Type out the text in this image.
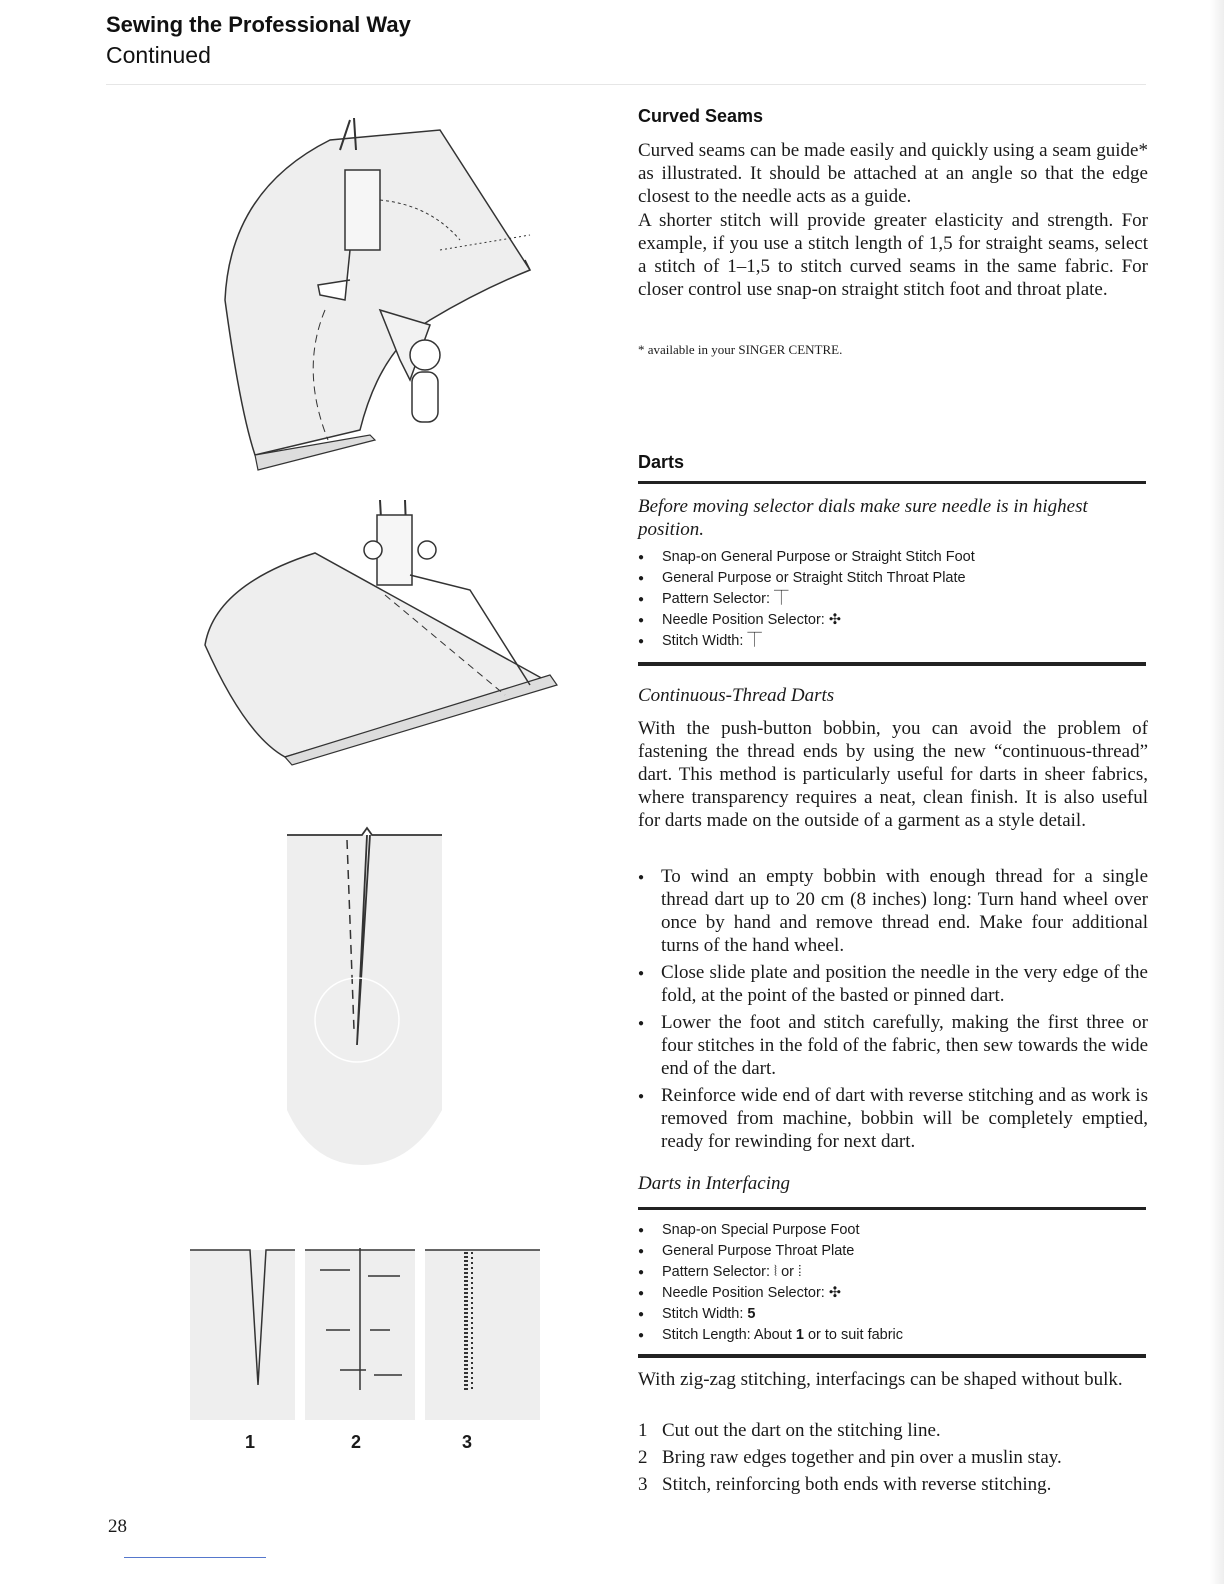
Sewing the Professional Way
Continued
1	2	3
Curved Seams
Curved seams can be made easily and quickly using a seam guide* as illustrated. It should be attached at an angle so that the edge closest to the needle acts as a guide.
A shorter stitch will provide greater elasticity and strength. For example, if you use a stitch length of 1,5 for straight seams, select a stitch of 1–1,5 to stitch curved seams in the same fabric. For closer control use snap-on straight stitch foot and throat plate.
* available in your SINGER CENTRE.
Darts
Before moving selector dials make sure needle is in highest position.
● Snap-on General Purpose or Straight Stitch Foot
● General Purpose or Straight Stitch Throat Plate
● Pattern Selector: ⏉
● Needle Position Selector: ✣
● Stitch Width: ⏉
Continuous-Thread Darts
With the push-button bobbin, you can avoid the problem of fastening the thread ends by using the new “continuous-thread” dart. This method is particularly useful for darts in sheer fabrics, where transparency requires a neat, clean finish. It is also useful for darts made on the outside of a garment as a style detail.
● To wind an empty bobbin with enough thread for a single thread dart up to 20 cm (8 inches) long: Turn hand wheel over once by hand and remove thread end. Make four additional turns of the hand wheel.
● Close slide plate and position the needle in the very edge of the fold, at the point of the basted or pinned dart.
● Lower the foot and stitch carefully, making the first three or four stitches in the fold of the fabric, then sew towards the wide end of the dart.
● Reinforce wide end of dart with reverse stitching and as work is removed from machine, bobbin will be completely emptied, ready for rewinding for next dart.
Darts in Interfacing
● Snap-on Special Purpose Foot
● General Purpose Throat Plate
● Pattern Selector: ⦚ or ⦙
● Needle Position Selector: ✣
● Stitch Width: 5
● Stitch Length: About 1 or to suit fabric
With zig-zag stitching, interfacings can be shaped without bulk.
1 Cut out the dart on the stitching line.
2 Bring raw edges together and pin over a muslin stay.
3 Stitch, reinforcing both ends with reverse stitching.
28
